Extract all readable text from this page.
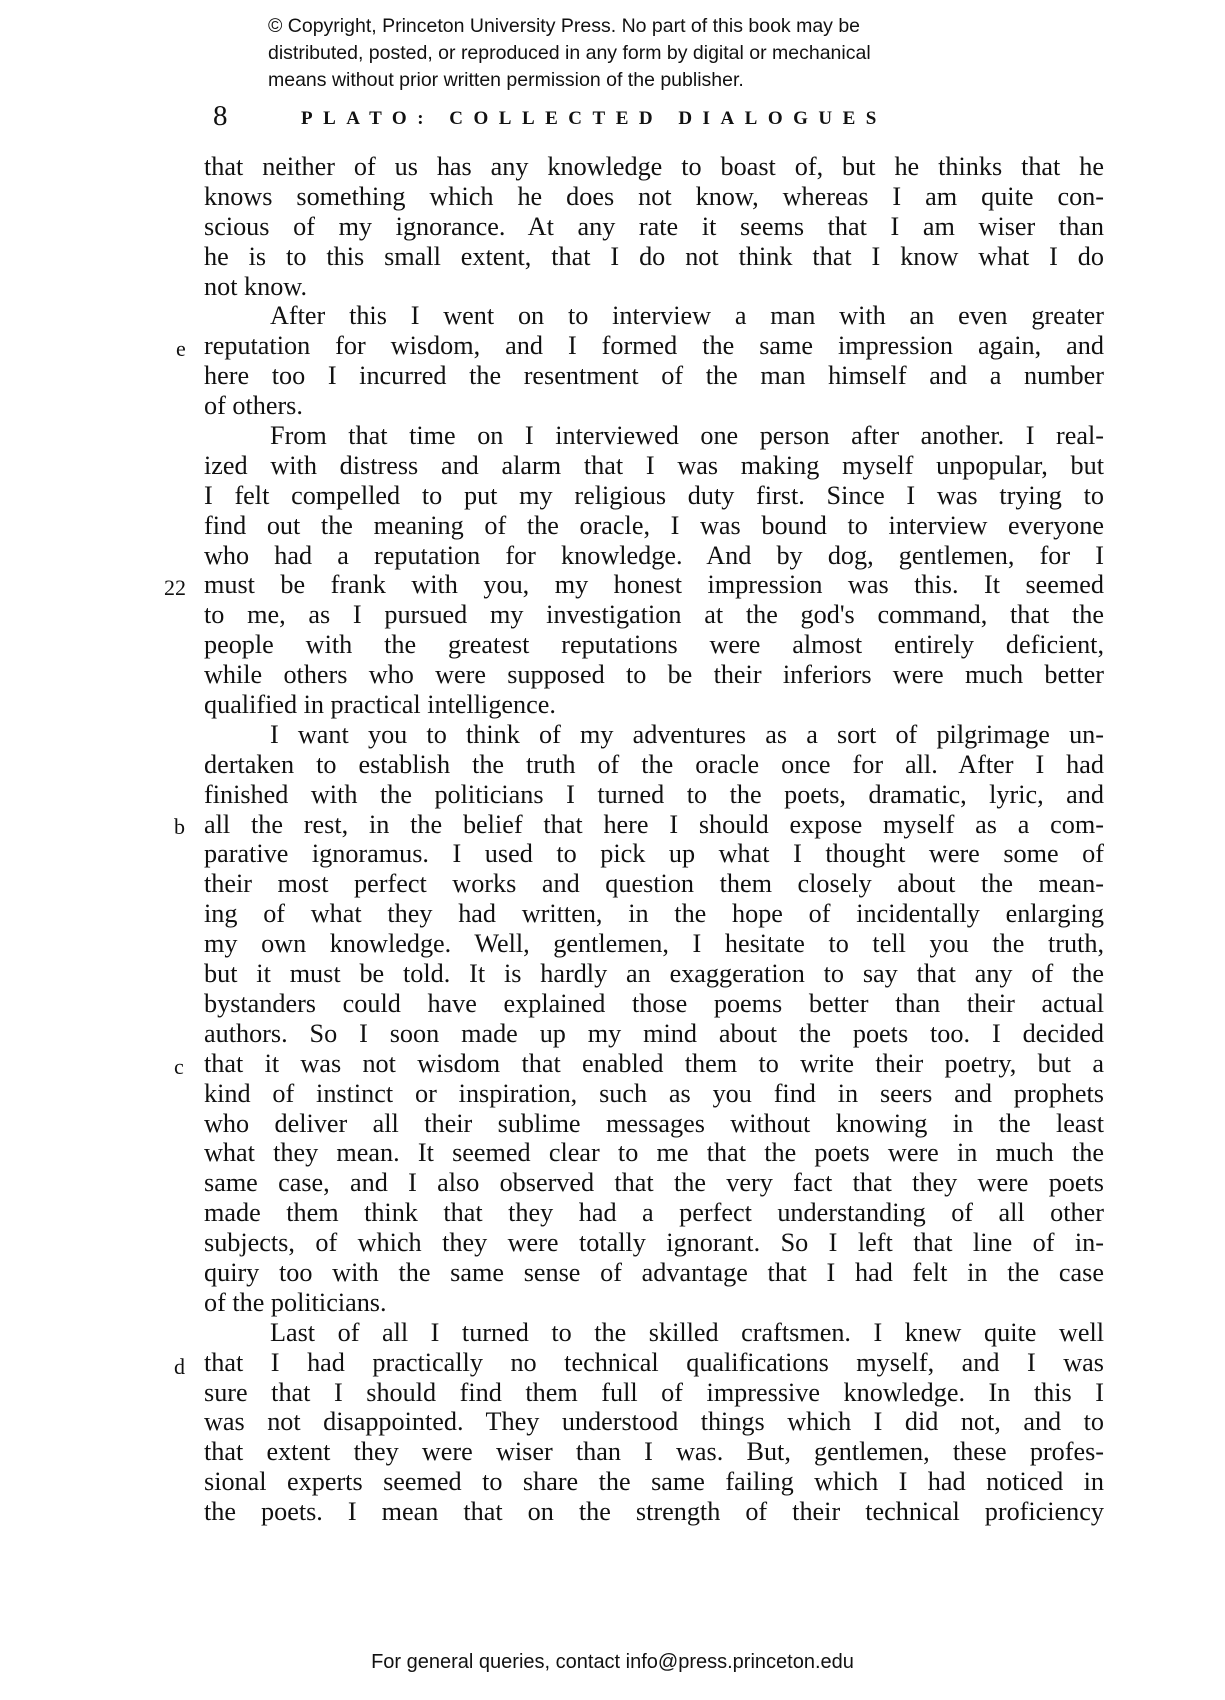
© Copyright, Princeton University Press. No part of this book may be
distributed, posted, or reproduced in any form by digital or mechanical
means without prior written permission of the publisher.
8	PLATO: COLLECTED DIALOGUES
e
22
b
c
d
that neither of us has any knowledge to boast of, but he thinks that he
knows something which he does not know, whereas I am quite con-
scious of my ignorance. At any rate it seems that I am wiser than
he is to this small extent, that I do not think that I know what I do
not know.
After this I went on to interview a man with an even greater
reputation for wisdom, and I formed the same impression again, and
here too I incurred the resentment of the man himself and a number
of others.
From that time on I interviewed one person after another. I real-
ized with distress and alarm that I was making myself unpopular, but
I felt compelled to put my religious duty first. Since I was trying to
find out the meaning of the oracle, I was bound to interview everyone
who had a reputation for knowledge. And by dog, gentlemen, for I
must be frank with you, my honest impression was this. It seemed
to me, as I pursued my investigation at the god's command, that the
people with the greatest reputations were almost entirely deficient,
while others who were supposed to be their inferiors were much better
qualified in practical intelligence.
I want you to think of my adventures as a sort of pilgrimage un-
dertaken to establish the truth of the oracle once for all. After I had
finished with the politicians I turned to the poets, dramatic, lyric, and
all the rest, in the belief that here I should expose myself as a com-
parative ignoramus. I used to pick up what I thought were some of
their most perfect works and question them closely about the mean-
ing of what they had written, in the hope of incidentally enlarging
my own knowledge. Well, gentlemen, I hesitate to tell you the truth,
but it must be told. It is hardly an exaggeration to say that any of the
bystanders could have explained those poems better than their actual
authors. So I soon made up my mind about the poets too. I decided
that it was not wisdom that enabled them to write their poetry, but a
kind of instinct or inspiration, such as you find in seers and prophets
who deliver all their sublime messages without knowing in the least
what they mean. It seemed clear to me that the poets were in much the
same case, and I also observed that the very fact that they were poets
made them think that they had a perfect understanding of all other
subjects, of which they were totally ignorant. So I left that line of in-
quiry too with the same sense of advantage that I had felt in the case
of the politicians.
Last of all I turned to the skilled craftsmen. I knew quite well
that I had practically no technical qualifications myself, and I was
sure that I should find them full of impressive knowledge. In this I
was not disappointed. They understood things which I did not, and to
that extent they were wiser than I was. But, gentlemen, these profes-
sional experts seemed to share the same failing which I had noticed in
the poets. I mean that on the strength of their technical proficiency
For general queries, contact info@press.princeton.edu
